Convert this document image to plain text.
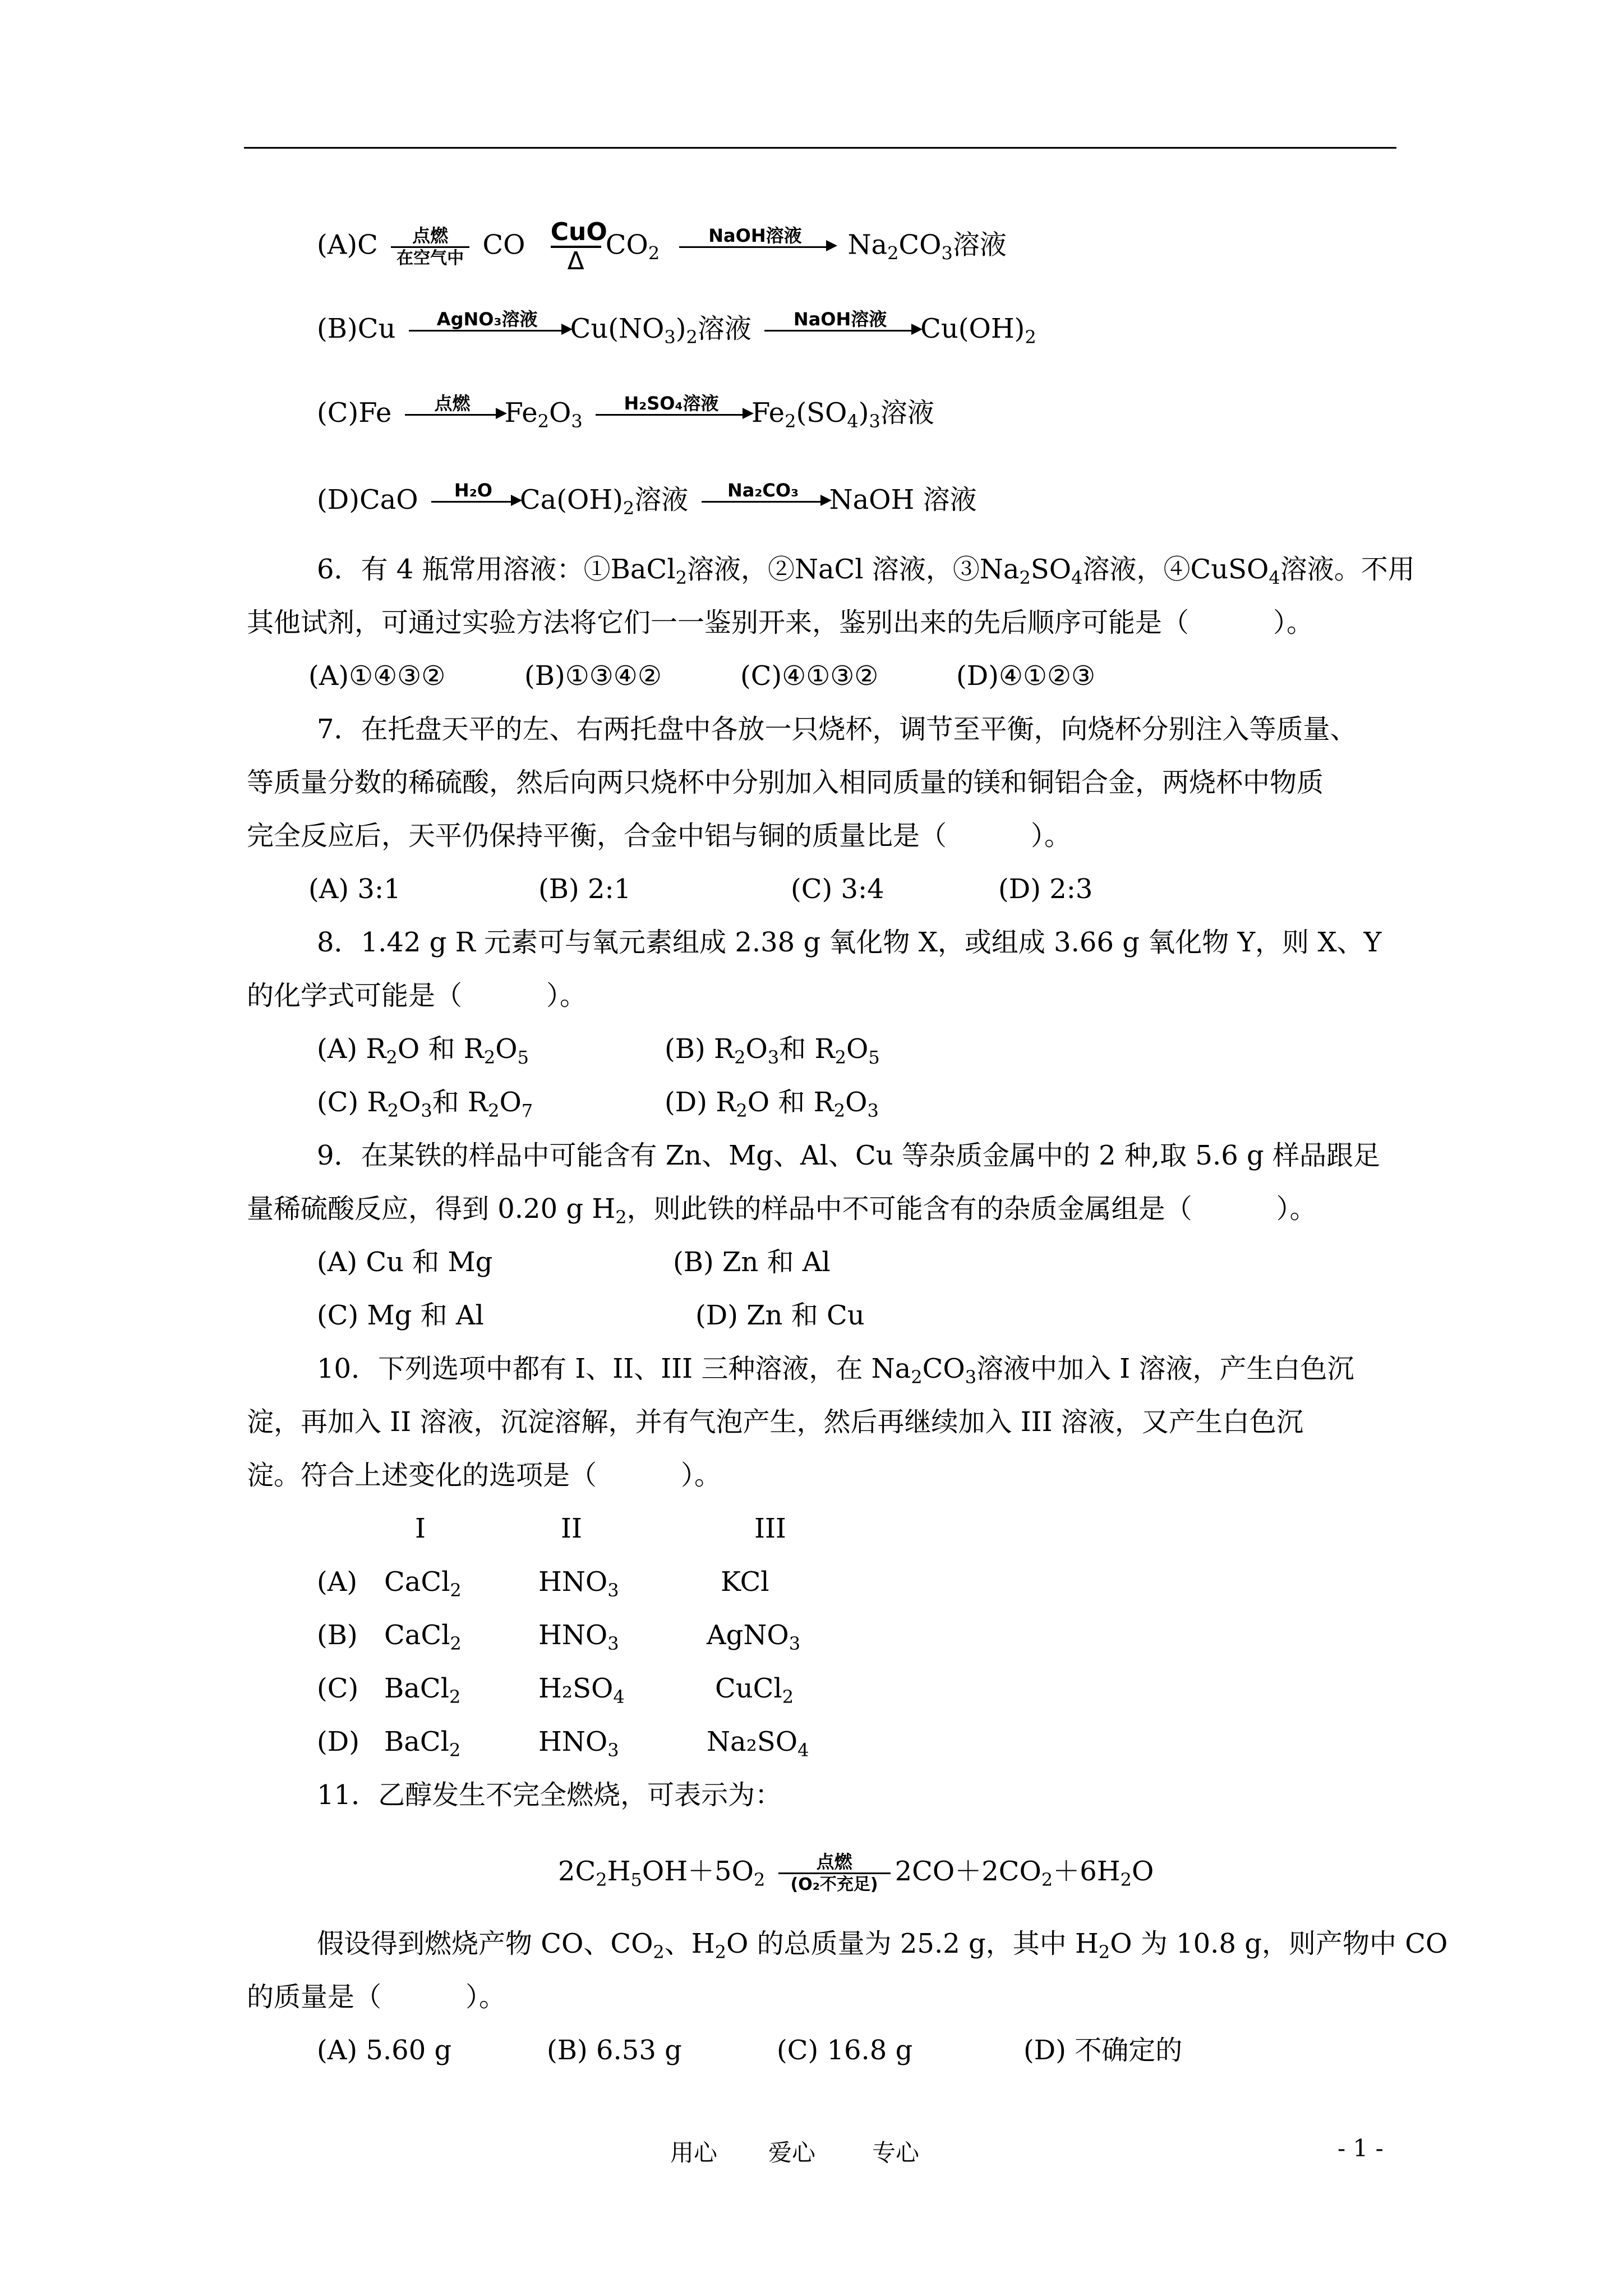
(A)C	点燃
在空气中 CO CuO
Δ
$CO_2$
NaOH溶液	$Na_2CO_3$溶液
(B)Cu	AgNO₃溶液	$Cu(NO_3)_2$溶液	NaOH溶液	$Cu(OH)_2$
(C)Fe	点燃	$Fe_2O_3$
H₂SO₄溶液	$Fe_2(SO_4)_3$溶液
(D)CaO	H₂O	$Ca(OH)_2$溶液	Na₂CO₃	NaOH 溶液
6．有 4 瓶常用溶液：①BaCl$_2$溶液，②NaCl 溶液，$③Na_2SO_4$溶液，④CuSO$_4$溶液。不用
其他试剂，可通过实验方法将它们一一鉴别开来，鉴别出来的先后顺序可能是（	）。
(A)①④③②	(B)①③④②	(C)④①③②	(D)④①②③
7．在托盘天平的左、右两托盘中各放一只烧杯，调节至平衡，向烧杯分别注入等质量、
等质量分数的稀硫酸，然后向两只烧杯中分别加入相同质量的镁和铜铝合金，两烧杯中物质
完全反应后，天平仍保持平衡，合金中铝与铜的质量比是（	）。
(A) 3:1	(B) 2:1	(C) 3:4	(D) 2:3
8．1.42 g R 元素可与氧元素组成 2.38 g 氧化物 X，或组成 3.66 g 氧化物 Y，则 X、Y
的化学式可能是（	）。
(A) $R_2O$ 和 $R_2O_5$	(B) $R_2O_3$和 $R_2O_5$
(C) $R_2O_3$和 $R_2O_7$	(D) $R_2O$ 和 $R_2O_3$
9．在某铁的样品中可能含有 Zn、Mg、Al、Cu 等杂质金属中的 2 种,取 5.6 g 样品跟足
量稀硫酸反应，得到 0.20 g $H_2$，则此铁的样品中不可能含有的杂质金属组是（	）。
(A) Cu 和 Mg	(B) Zn 和 Al
(C) Mg 和 Al	(D) Zn 和 Cu
10．下列选项中都有 I、II、III 三种溶液，在 $Na_2CO_3$溶液中加入 I 溶液，产生白色沉
淀，再加入 II 溶液，沉淀溶解，并有气泡产生，然后再继续加入 III 溶液，又产生白色沉
淀。符合上述变化的选项是（	）。
I	II	III
(A) CaCl$_2$	$HNO_3$	KCl
(B) CaCl$_2$	$HNO_3$	AgNO$_3$
(C) BaCl$_2$	$H_2SO_4$	CuCl$_2$
(D) BaCl$_2$	$HNO_3$	$Na_2SO_4$
11．乙醇发生不完全燃烧，可表示为：
$2C_2H_5OH+5O_2$
点燃
(O₂不充足) $2CO+2CO_2+6H_2O$
假设得到燃烧产物 CO、$CO_2$、$H_2O$ 的总质量为 25.2 g，其中 $H_2O$ 为 10.8 g，则产物中 CO
的质量是（	）。
(A) 5.60 g	(B) 6.53 g	(C) 16.8 g	(D) 不确定的
用心 爱心 专心	- 1 -
